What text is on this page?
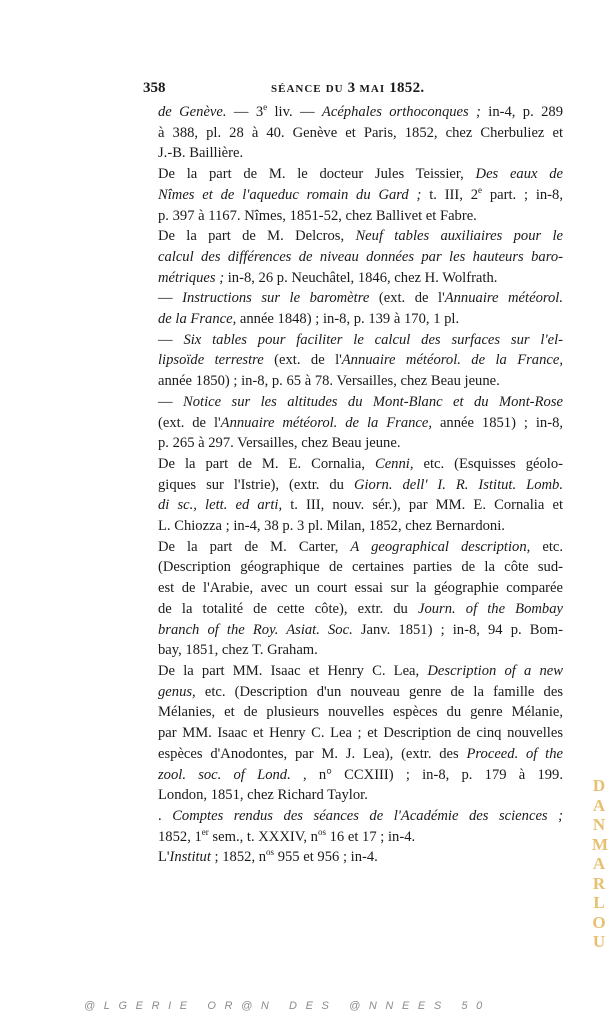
358	SÉANCE DU 3 MAI 1852.

de Genève. — 3e liv. — Acéphales orthoconques ; in-4, p. 289
à 388, pl. 28 à 40. Genève et Paris, 1852, chez Cherbuliez et
J.-B. Baillière.

De la part de M. le docteur Jules Teissier, Des eaux de
Nîmes et de l'aqueduc romain du Gard ; t. III, 2e part. ; in-8,
p. 397 à 1167. Nîmes, 1851-52, chez Ballivet et Fabre.

De la part de M. Delcros, Neuf tables auxiliaires pour le
calcul des différences de niveau données par les hauteurs baro-
métriques ; in-8, 26 p. Neuchâtel, 1846, chez H. Wolfrath.

— Instructions sur le baromètre (ext. de l'Annuaire météorol.
de la France, année 1848) ; in-8, p. 139 à 170, 1 pl.

— Six tables pour faciliter le calcul des surfaces sur l'el-
lipsoïde terrestre (ext. de l'Annuaire météorol. de la France,
année 1850) ; in-8, p. 65 à 78. Versailles, chez Beau jeune.

— Notice sur les altitudes du Mont-Blanc et du Mont-Rose
(ext. de l'Annuaire météorol. de la France, année 1851) ; in-8,
p. 265 à 297. Versailles, chez Beau jeune.

De la part de M. E. Cornalia, Cenni, etc. (Esquisses géolo-
giques sur l'Istrie), (extr. du Giorn. dell' I. R. Istitut. Lomb.
di sc., lett. ed arti, t. III, nouv. sér.), par MM. E. Cornalia et
L. Chiozza ; in-4, 38 p. 3 pl. Milan, 1852, chez Bernardoni.

De la part de M. Carter, A geographical description, etc.
(Description géographique de certaines parties de la côte sud-
est de l'Arabie, avec un court essai sur la géographie comparée
de la totalité de cette côte), extr. du Journ. of the Bombay
branch of the Roy. Asiat. Soc. Janv. 1851) ; in-8, 94 p. Bom-
bay, 1851, chez T. Graham.

De la part MM. Isaac et Henry C. Lea, Description of a new
genus, etc. (Description d'un nouveau genre de la famille des
Mélanies, et de plusieurs nouvelles espèces du genre Mélanie,
par MM. Isaac et Henry C. Lea ; et Description de cinq nouvelles
espèces d'Anodontes, par M. J. Lea), (extr. des Proceed. of the
zool. soc. of Lond. , n° CCXIII) ; in-8, p. 179 à 199.
London, 1851, chez Richard Taylor.

. Comptes rendus des séances de l'Académie des sciences ;
1852, 1er sem., t. XXXIV, $n^{os}$ 16 et 17 ; in-4.

L'Institut ; 1852, $n^{os}$ 955 et 956 ; in-4.

D
A
N
M
A
R
L
O
U
@LGERIE OR@N DES @NNEES 50
